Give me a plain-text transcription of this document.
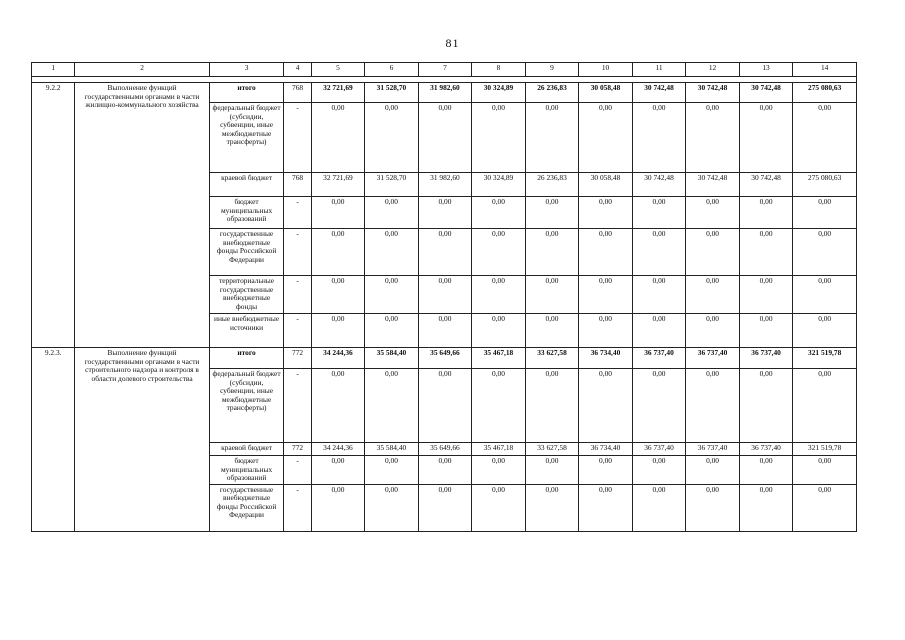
81
1	2	3	4	5	6	7	8	9	10	11	12	13	14

9.2.2	Выполнение функций государственными органами в части жилищно-коммунального хозяйства	итого	768	32 721,69	31 528,70	31 982,60	30 324,89	26 236,83	30 058,48	30 742,48	30 742,48	30 742,48	275 080,63
		федеральный бюджет (субсидии, субвенции, иные межбюджетные трансферты)	-	0,00	0,00	0,00	0,00	0,00	0,00	0,00	0,00	0,00	0,00
		краевой бюджет	768	32 721,69	31 528,70	31 982,60	30 324,89	26 236,83	30 058,48	30 742,48	30 742,48	30 742,48	275 080,63
		бюджет муниципальных образований	-	0,00	0,00	0,00	0,00	0,00	0,00	0,00	0,00	0,00	0,00
		государственные внебюджетные фонды Российской Федерации	-	0,00	0,00	0,00	0,00	0,00	0,00	0,00	0,00	0,00	0,00
		территориальные государственные внебюджетные фонды	-	0,00	0,00	0,00	0,00	0,00	0,00	0,00	0,00	0,00	0,00
		иные внебюджетные источники	-	0,00	0,00	0,00	0,00	0,00	0,00	0,00	0,00	0,00	0,00
9.2.3.	Выполнение функций государственными органами в части строительного надзора и контроля в области долевого строительства	итого	772	34 244,36	35 584,40	35 649,66	35 467,18	33 627,58	36 734,40	36 737,40	36 737,40	36 737,40	321 519,78
		федеральный бюджет (субсидии, субвенции, иные межбюджетные трансферты)	-	0,00	0,00	0,00	0,00	0,00	0,00	0,00	0,00	0,00	0,00
		краевой бюджет	772	34 244,36	35 584,40	35 649,66	35 467,18	33 627,58	36 734,40	36 737,40	36 737,40	36 737,40	321 519,78
		бюджет муниципальных образований	-	0,00	0,00	0,00	0,00	0,00	0,00	0,00	0,00	0,00	0,00
		государственные внебюджетные фонды Российской Федерации	-	0,00	0,00	0,00	0,00	0,00	0,00	0,00	0,00	0,00	0,00
